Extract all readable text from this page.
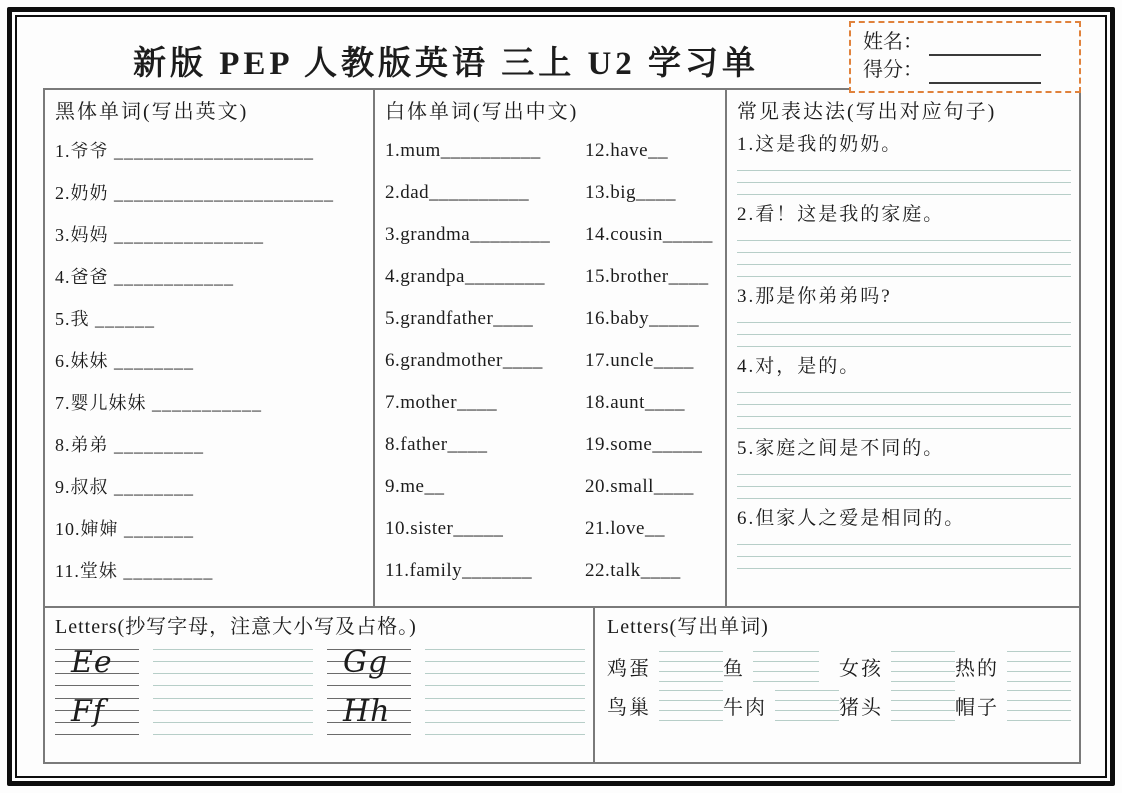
新版 PEP 人教版英语 三上 U2 学习单
姓名：
得分：
黑体单词(写出英文)
1.爷爷 ____________________
2.奶奶 ______________________
3.妈妈 _______________
4.爸爸 ____________
5.我 ______
6.妹妹 ________
7.婴儿妹妹 ___________
8.弟弟 _________
9.叔叔 ________
10.婶婶 _______
11.堂妹 _________
白体单词(写出中文)
1.mum__________
2.dad__________
3.grandma________
4.grandpa________
5.grandfather____
6.grandmother____
7.mother____
8.father____
9.me__
10.sister_____
11.family_______
12.have__
13.big____
14.cousin_____
15.brother____
16.baby_____
17.uncle____
18.aunt____
19.some_____
20.small____
21.love__
22.talk____
常见表达法(写出对应句子)
1.这是我的奶奶。
2.看！这是我的家庭。
3.那是你弟弟吗?
4.对，是的。
5.家庭之间是不同的。
6.但家人之爱是相同的。
Letters(抄写字母，注意大小写及占格。)
Ee	Gg
Ff	Hh
Letters(写出单词)
鸡蛋	鱼	女孩	热的
鸟巢	牛肉	猪头	帽子
